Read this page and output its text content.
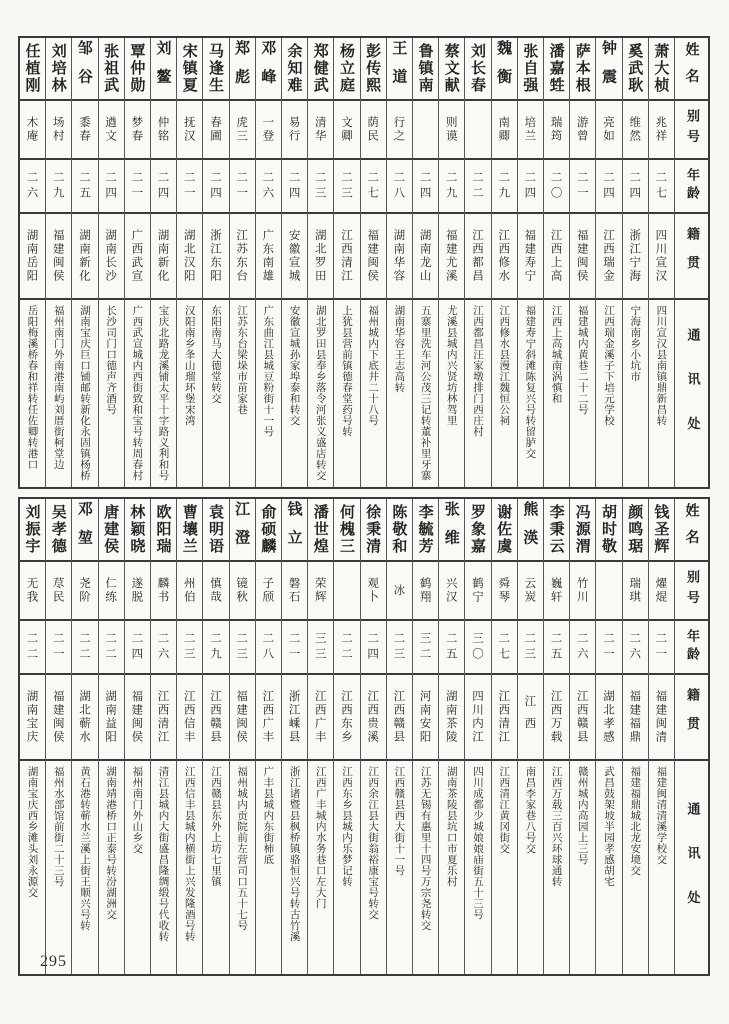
姓名
别号
年龄
籍贯
通讯处
萧大桢
兆祥
二七
四川宣汉
四川宣汉县南镇鼎新昌转
奚武耿
维然
二四
浙江宁海
宁海南乡小坑市
钟震
亮如
二四
江西瑞金
江西瑞金溪子下培元学校
萨本根
游曾
二一
福建闽侯
福建城内黄巷二十二号
潘嘉甡
瑞筠
二〇
江西上高
江西上高城南涡慎和
张自强
培兰
二四
福建寿宁
福建寿宁斜滩陈复兴号转留胪交
魏衡
南卿
二九
江西修水
江西修水县漫江魏恒公祠
刘长春
二二
江西都昌
江西都昌汪家墩排门西庄村
蔡文献
则谟
二九
福建尤溪
尤溪县城内兴贤坊林驾里
鲁镇南
二四
湖南龙山
五寨里洗车河公茂三记转董补里牙寨
王道
行之
二八
湖南华容
湖南华容王志高转
彭传熙
荫民
二七
福建闽侯
福州城内下底井二十八号
杨立庭
文卿
二三
江西清江
上犹县营前镇德春堂药号转
郑健武
清华
二三
湖北罗田
湖北罗田县奉乡落令河张义盛店转交
余知难
易行
二四
安徽宣城
安徽宣城孙家埠泰和转交
邓峰
一登
二六
广东南雄
广东曲江县城豆粉街十一号
郑彪
虎三
二一
江苏东台
江苏东台梁垛市苗家巷
马逢生
春圃
二四
浙江东阳
东阳南马大德堂转交
宋镇夏
抚汉
二一
湖北汉阳
汉阳南乡夆山瑠环堡宋湾
刘鳌
仲铭
二四
湖南新化
宝庆北路龙溪铺太平十字路义利和号
覃仲勋
梦春
二一
广西武宣
广西武宣城内西街致和宝号转周春村
张祖武
遒文
二四
湖南长沙
长沙司门口德声齐酒号
邹谷
黍春
二五
湖南新化
湖南宝庆巨口铺邮转新化永固镇杨桥
刘培林
场村
二九
福建闽侯
福州南门外南港南屿刘厝街柯堂边
任植刚
木庵
二六
湖南岳阳
岳阳梅溪桥春和祥转任佐卿转港口
姓名
别号
年龄
籍贯
通讯处
钱圣辉
燿焜
二一
福建闽清
福建闽清清溪学校交
颜鸣琚
瑞琪
二六
福建福鼎
福建福鼎城北龙安境交
胡时敬
二一
湖北孝感
武昌鼓架坡半园孝感胡宅
冯源渭
竹川
二六
江西赣县
赣州城内高园上三号
李秉云
巍轩
二五
江西万载
江西万载三百兴环球通转
熊渶
云炭
二三
江西
南昌李家巷八号交
谢佐虞
舜琴
二七
江西清江
江西清江黄冈街交
罗象嘉
鹤宁
三〇
四川内江
四川成都少城娘娘庙街五十三号
张维
兴汉
二五
湖南茶陵
湖南茶陵县坑口市夏乐村
李毓芳
鹤翔
三二
河南安阳
江苏无锡有惠里十四号万宗尧转交
陈敬和
冰
二三
江西赣县
江西赣县西大街十一号
徐秉清
观卜
二四
江西贵溪
江西余江县大街翁裕康宝号转交
何槐三
二二
江西东乡
江西东乡县城内乐梦记转
潘世煌
荣辉
三三
江西广丰
江西广丰城内水务巷口左大门
钱立
磐石
二一
浙江嵊县
浙江诸暨县枫桥镇骆恒兴号转古竹溪
俞硕麟
子颀
二八
江西广丰
广丰县城内东街柿底
江澄
镜秋
二三
福建闽侯
福州城内贡院前左营司口五十七号
袁明语
慎哉
二九
江西赣县
江西赣县东外上坊七里镇
曹壤兰
州伯
二三
江西信丰
江西信丰县城内横街上兴发隆酒号转
欧阳瑞
麟书
二六
江西清江
清江县城内大街盛昌隆绸缎号代收转
林颖晓
遂脱
二四
福建闽侯
福州南门外山乡交
唐建侯
仁练
二二
湖南益阳
湖南靖港桥口正泰号转汾湖洲交
邓堃
尧阶
二二
湖北蕲水
黄石港转蕲水兰溪上街王顺兴号转
吴孝德
荩民
二一
福建闽侯
福州水部馆前街二十三号
刘振宇
无我
二二
湖南宝庆
湖南宝庆西乡滩头刘永源交
295
